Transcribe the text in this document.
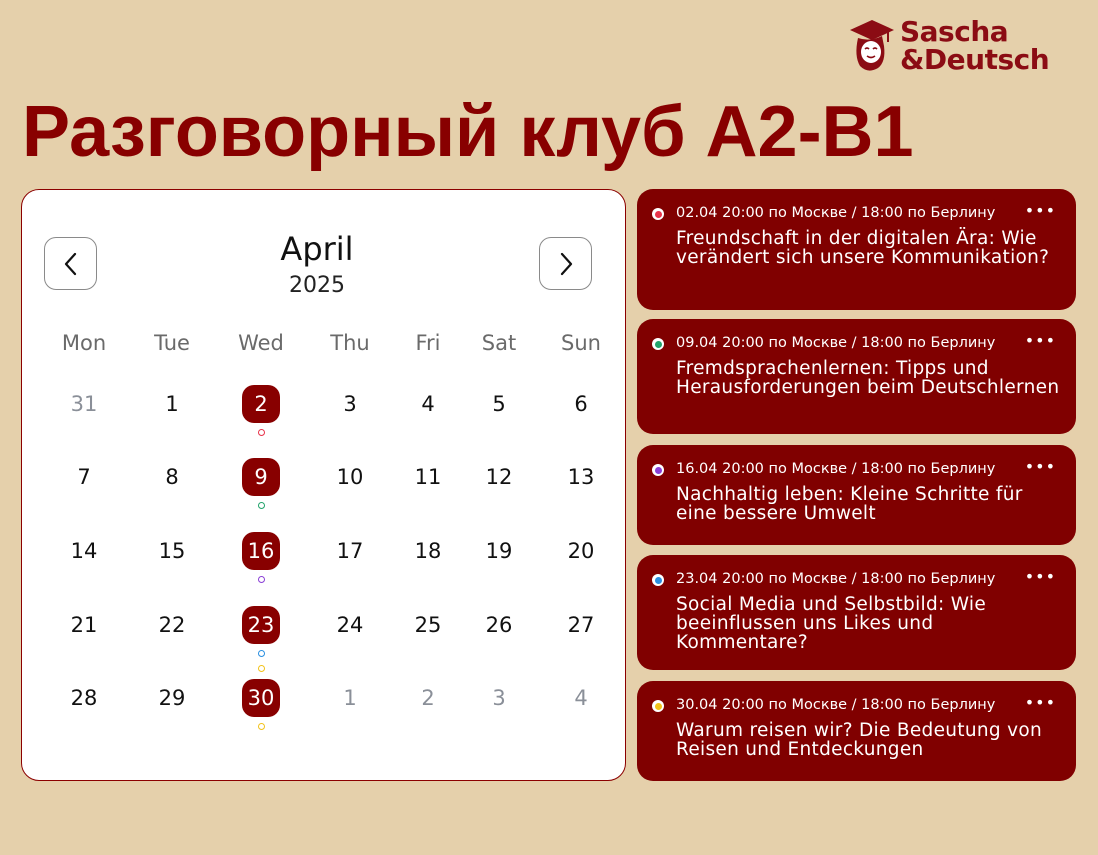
Sascha
&Deutsch
Разговорный клуб A2-B1
April
2025
Mon	Tue	Wed	Thu	Fri	Sat	Sun
31	1	2	3	4	5	6
7	8	9	10	11	12	13
14	15	16	17	18	19	20
21	22	23	24	25	26	27
28	29	30	1	2	3	4
02.04 20:00 по Москве / 18:00 по Берлину •••
Freundschaft in der digitalen Ära: Wie verändert sich unsere Kommunikation?
09.04 20:00 по Москве / 18:00 по Берлину •••
Fremdsprachenlernen: Tipps und Herausforderungen beim Deutschlernen
16.04 20:00 по Москве / 18:00 по Берлину •••
Nachhaltig leben: Kleine Schritte für eine bessere Umwelt
23.04 20:00 по Москве / 18:00 по Берлину •••
Social Media und Selbstbild: Wie beeinflussen uns Likes und Kommentare?
30.04 20:00 по Москве / 18:00 по Берлину •••
Warum reisen wir? Die Bedeutung von Reisen und Entdeckungen
